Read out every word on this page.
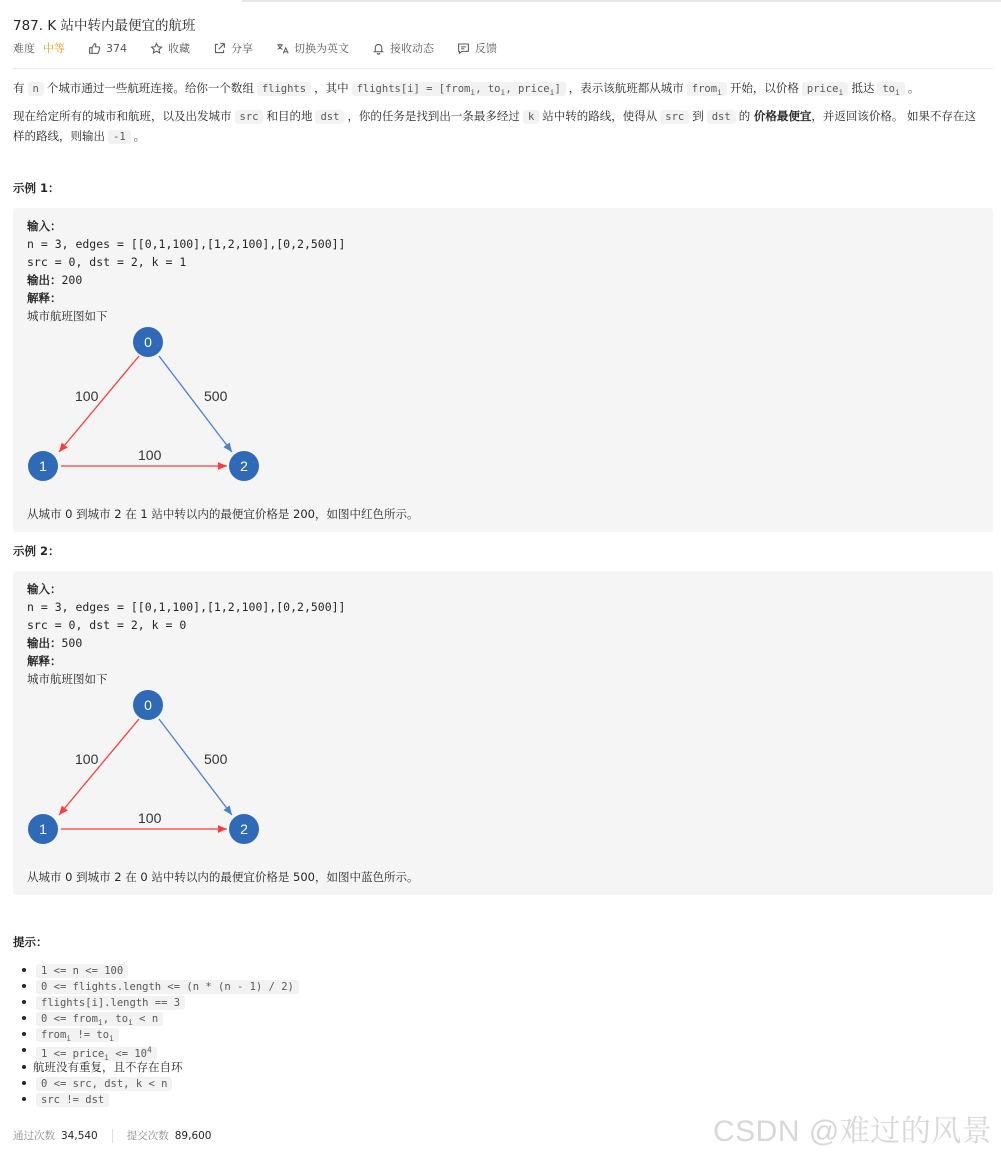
787. K 站中转内最便宜的航班
难度 中等	374	收藏	分享	切换为英文	接收动态	反馈
有 n 个城市通过一些航班连接。给你一个数组 flights ，其中 flights[i] = [from$_i$, $to_i$, price$_i$] ，表示该航班都从城市 from$_i$ 开始，以价格 price$_i$ 抵达 $to_i$ 。
现在给定所有的城市和航班，以及出发城市 src 和目的地 dst ，你的任务是找到出一条最多经过 k 站中转的路线，使得从 src 到 dst 的 价格最便宜，并返回该价格。 如果不存在这
样的路线，则输出 -1 。
示例 1：
输入：
n = 3, edges = [[0,1,100],[1,2,100],[0,2,500]]
src = 0, dst = 2, k = 1
输出：200
解释：
城市航班图如下
100	500
100
0
1	2
从城市 0 到城市 2 在 1 站中转以内的最便宜价格是 200，如图中红色所示。
示例 2：
输入：
n = 3, edges = [[0,1,100],[1,2,100],[0,2,500]]
src = 0, dst = 2, k = 0
输出：500
解释：
城市航班图如下
100	500
100
0
1	2
从城市 0 到城市 2 在 0 站中转以内的最便宜价格是 500，如图中蓝色所示。
提示：
1 <= n <= 100
0 <= flights.length <= (n * (n - 1) / 2)
flights[i].length == 3
0 <= from$_i$, $to_i < n$
from$_i$ != $to_i$
1 <= price$_i$ <= $10^4$
航班没有重复，且不存在自环
0 <= src, dst, k < n
src != dst
通过次数 34,540	提交次数 89,600	CSDN @难过的风景
